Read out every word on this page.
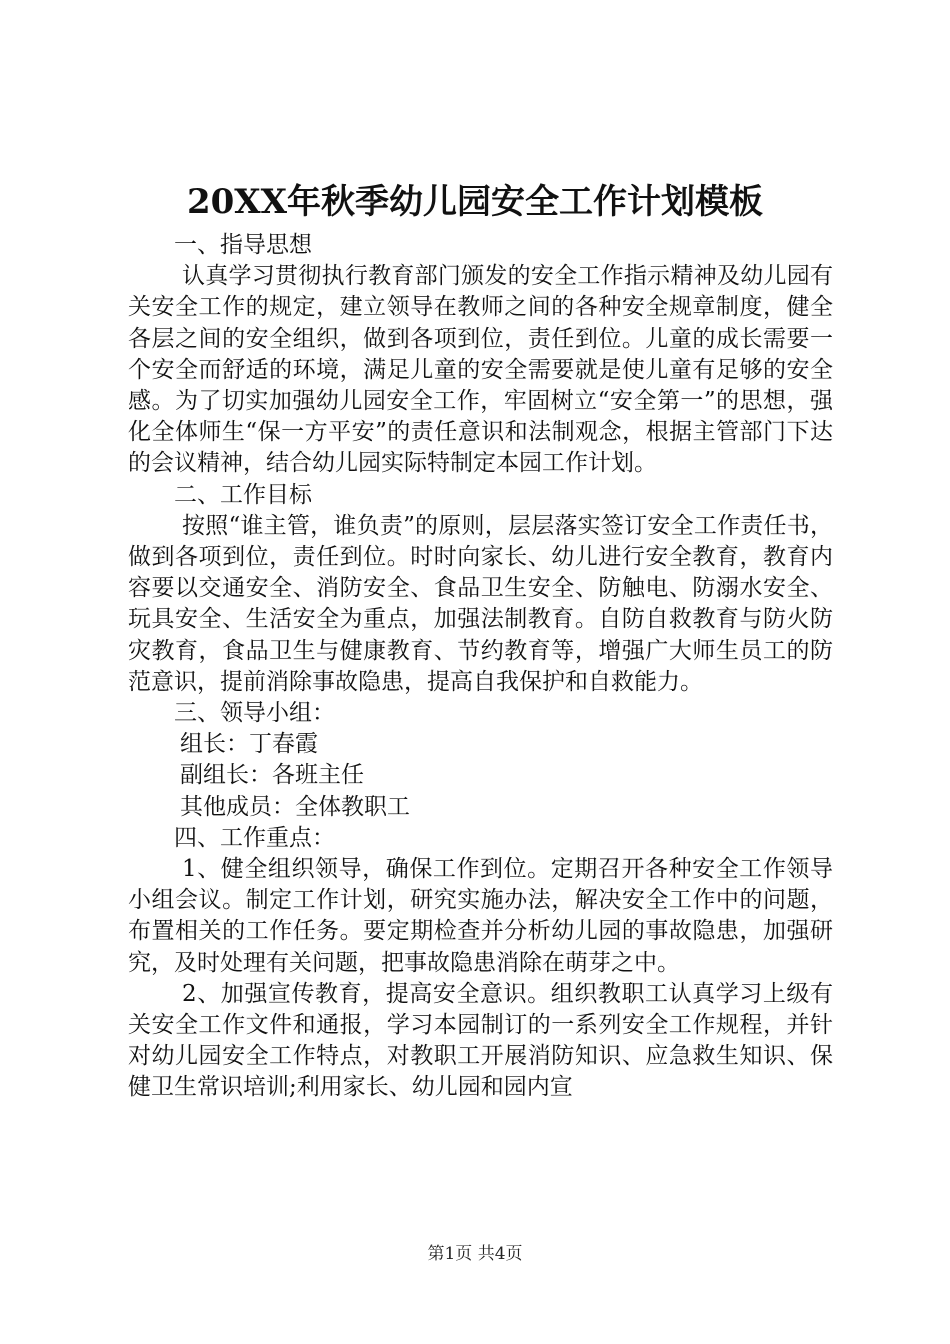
20XX年秋季幼儿园安全工作计划模板

一、指导思想

认真学习贯彻执行教育部门颁发的安全工作指示精神及幼儿园有关安全工作的规定，建立领导在教师之间的各种安全规章制度，健全各层之间的安全组织，做到各项到位，责任到位。儿童的成长需要一个安全而舒适的环境，满足儿童的安全需要就是使儿童有足够的安全感。为了切实加强幼儿园安全工作，牢固树立“安全第一”的思想，强化全体师生“保一方平安”的责任意识和法制观念，根据主管部门下达的会议精神，结合幼儿园实际特制定本园工作计划。

二、工作目标

按照“谁主管，谁负责”的原则，层层落实签订安全工作责任书，做到各项到位，责任到位。时时向家长、幼儿进行安全教育，教育内容要以交通安全、消防安全、食品卫生安全、防触电、防溺水安全、玩具安全、生活安全为重点，加强法制教育。自防自救教育与防火防灾教育，食品卫生与健康教育、节约教育等，增强广大师生员工的防范意识，提前消除事故隐患，提高自我保护和自救能力。

三、领导小组：

组长：丁春霞

副组长：各班主任

其他成员：全体教职工

四、工作重点：

1、健全组织领导，确保工作到位。定期召开各种安全工作领导小组会议。制定工作计划，研究实施办法，解决安全工作中的问题，布置相关的工作任务。要定期检查并分析幼儿园的事故隐患，加强研究，及时处理有关问题，把事故隐患消除在萌芽之中。

2、加强宣传教育，提高安全意识。组织教职工认真学习上级有关安全工作文件和通报，学习本园制订的一系列安全工作规程，并针对幼儿园安全工作特点，对教职工开展消防知识、应急救生知识、保健卫生常识培训;利用家长、幼儿园和园内宣

第1页 共4页
